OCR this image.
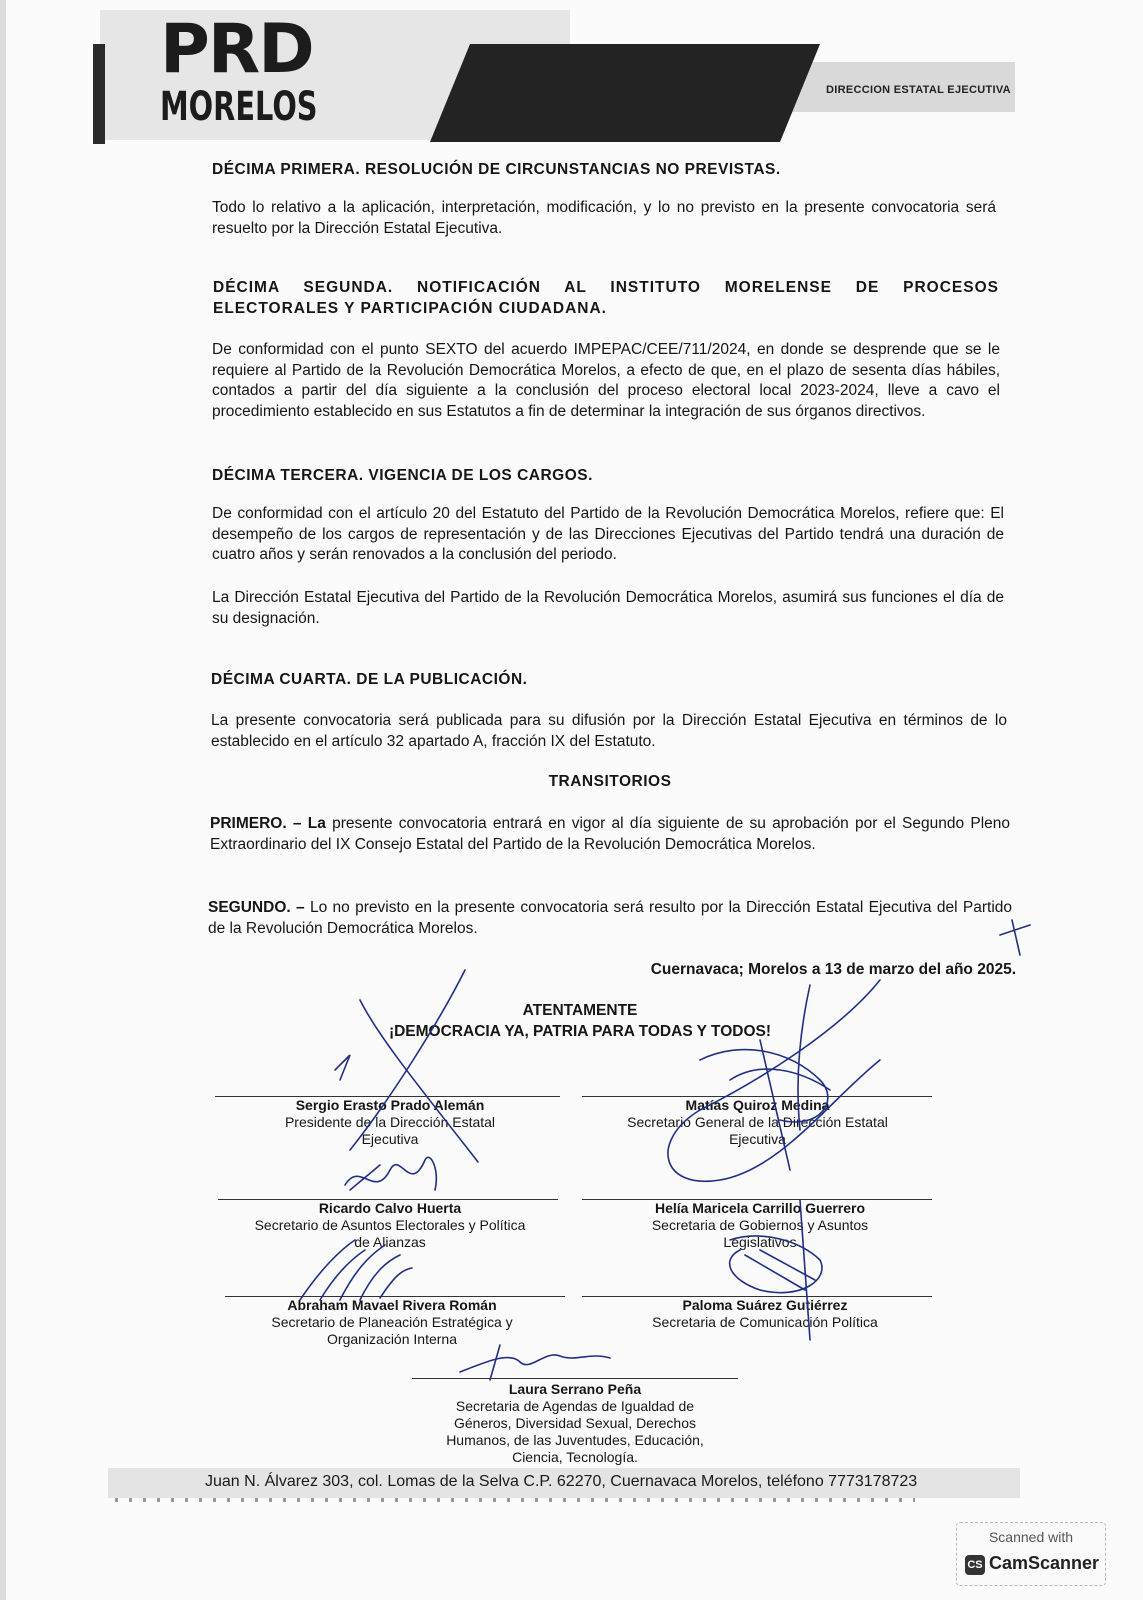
PRD
MORELOS	DIRECCION ESTATAL EJECUTIVA
DÉCIMA PRIMERA. RESOLUCIÓN DE CIRCUNSTANCIAS NO PREVISTAS.
Todo lo relativo a la aplicación, interpretación, modificación, y lo no previsto en la presente convocatoria será resuelto por la Dirección Estatal Ejecutiva.
DÉCIMA SEGUNDA. NOTIFICACIÓN AL INSTITUTO MORELENSE DE PROCESOS ELECTORALES Y PARTICIPACIÓN CIUDADANA.
De conformidad con el punto SEXTO del acuerdo IMPEPAC/CEE/711/2024, en donde se desprende que se le requiere al Partido de la Revolución Democrática Morelos, a efecto de que, en el plazo de sesenta días hábiles, contados a partir del día siguiente a la conclusión del proceso electoral local 2023-2024, lleve a cavo el procedimiento establecido en sus Estatutos a fin de determinar la integración de sus órganos directivos.
DÉCIMA TERCERA. VIGENCIA DE LOS CARGOS.
De conformidad con el artículo 20 del Estatuto del Partido de la Revolución Democrática Morelos, refiere que: El desempeño de los cargos de representación y de las Direcciones Ejecutivas del Partido tendrá una duración de cuatro años y serán renovados a la conclusión del periodo.
La Dirección Estatal Ejecutiva del Partido de la Revolución Democrática Morelos, asumirá sus funciones el día de su designación.
DÉCIMA CUARTA. DE LA PUBLICACIÓN.
La presente convocatoria será publicada para su difusión por la Dirección Estatal Ejecutiva en términos de lo establecido en el artículo 32 apartado A, fracción IX del Estatuto.
TRANSITORIOS
PRIMERO. – La presente convocatoria entrará en vigor al día siguiente de su aprobación por el Segundo Pleno Extraordinario del IX Consejo Estatal del Partido de la Revolución Democrática Morelos.
SEGUNDO. – Lo no previsto en la presente convocatoria será resulto por la Dirección Estatal Ejecutiva del Partido de la Revolución Democrática Morelos.
Cuernavaca; Morelos a 13 de marzo del año 2025.
ATENTAMENTE
¡DEMOCRACIA YA, PATRIA PARA TODAS Y TODOS!
Sergio Erasto Prado Alemán
Presidente de la Dirección Estatal Ejecutiva
Matías Quiroz Medina
Secretario General de la Dirección Estatal Ejecutiva
Ricardo Calvo Huerta
Secretario de Asuntos Electorales y Política de Alianzas
Helía Maricela Carrillo Guerrero
Secretaria de Gobiernos y Asuntos Legislativos
Abraham Mavael Rivera Román
Secretario de Planeación Estratégica y Organización Interna
Paloma Suárez Gutiérrez
Secretaria de Comunicación Política
Laura Serrano Peña
Secretaria de Agendas de Igualdad de Géneros, Diversidad Sexual, Derechos Humanos, de las Juventudes, Educación, Ciencia, Tecnología.
Juan N. Álvarez 303, col. Lomas de la Selva C.P. 62270, Cuernavaca Morelos, teléfono 7773178723
Scanned with
CS CamScanner
